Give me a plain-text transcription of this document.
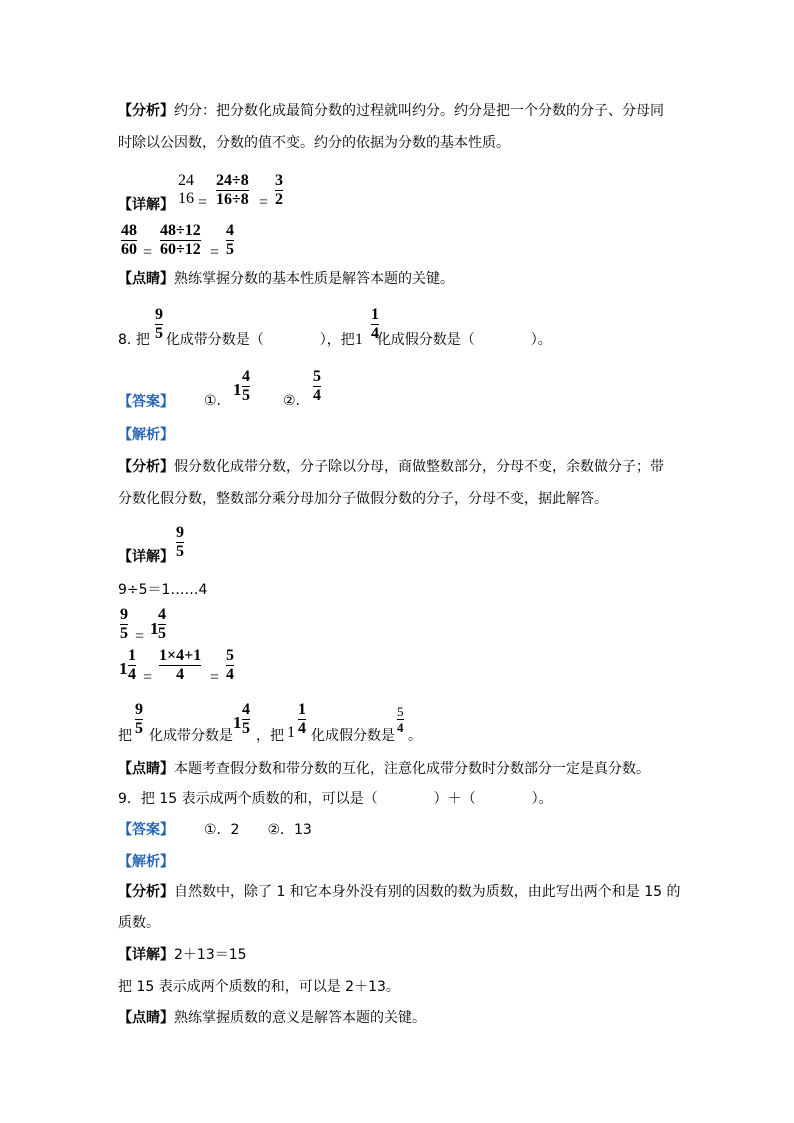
【分析】约分：把分数化成最简分数的过程就叫约分。约分是把一个分数的分子、分母同
时除以公因数，分数的值不变。约分的依据为分数的基本性质。
【详解】
24
16 =
24÷8
16÷8 =
3
2
48
60 =
48÷12
60÷12 =
4
5
【点睛】熟练掌握分数的基本性质是解答本题的关键。
8. 把 化成带分数是（　　　　），把1 化成假分数是（　　　　）。
9
5
1
4
【答案】 ①.
1
4
5 ②.
5
4
【解析】
【分析】假分数化成带分数，分子除以分母，商做整数部分，分母不变，余数做分子；带
分数化假分数，整数部分乘分母加分子做假分数的分子，分母不变，据此解答。
【详解】
9
5
9÷5＝1……4
9
5 = 1
4
5
1
1
4 =
1×4+1
4 =
5
4
把
9
5 化成带分数是
1
4
5 ，把 1
1
4 化成假分数是
5
4
。
【点睛】本题考查假分数和带分数的互化，注意化成带分数时分数部分一定是真分数。
9．把 15 表示成两个质数的和，可以是（　　　　）＋（　　　　）。
【答案】 ①．2　　②．13
【解析】
【分析】自然数中，除了 1 和它本身外没有别的因数的数为质数，由此写出两个和是 15 的
质数。
【详解】2＋13＝15
把 15 表示成两个质数的和，可以是 2＋13。
【点睛】熟练掌握质数的意义是解答本题的关键。
